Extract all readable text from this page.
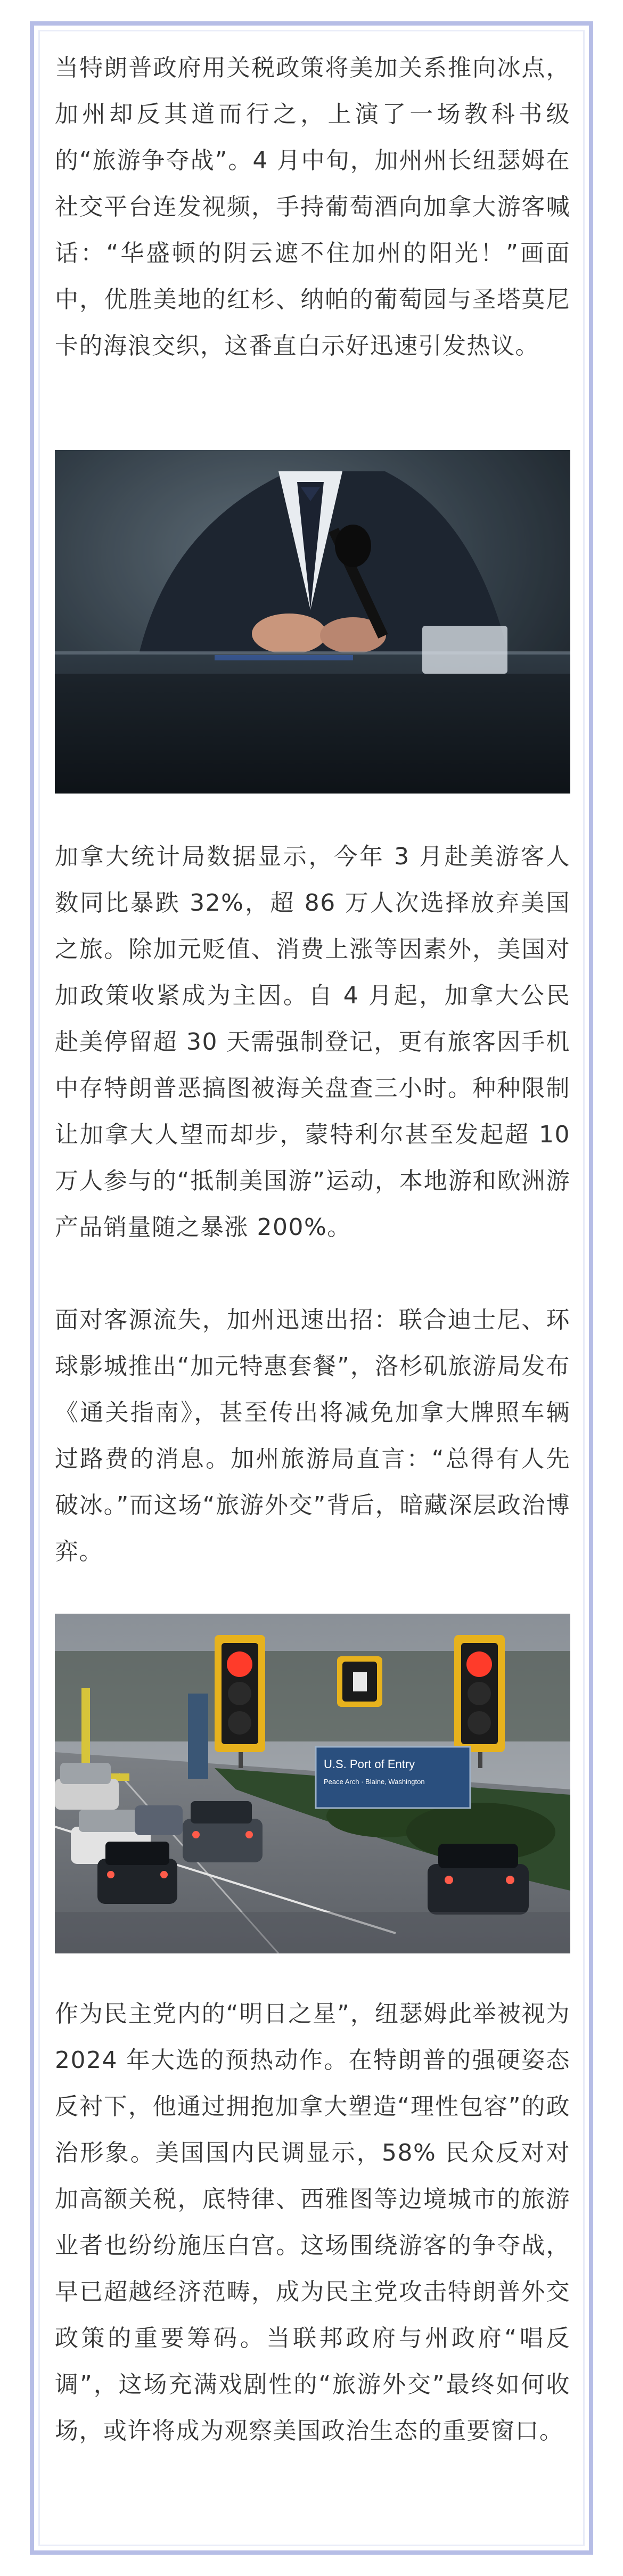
当特朗普政府用关税政策将美加关系推向冰点，加州却反其道而行之，上演了一场教科书级的“旅游争夺战”。4 月中旬，加州州长纽瑟姆在社交平台连发视频，手持葡萄酒向加拿大游客喊话：“华盛顿的阴云遮不住加州的阳光！”画面中，优胜美地的红杉、纳帕的葡萄园与圣塔莫尼卡的海浪交织，这番直白示好迅速引发热议。

加拿大统计局数据显示，今年 3 月赴美游客人数同比暴跌 32%，超 86 万人次选择放弃美国之旅。除加元贬值、消费上涨等因素外，美国对加政策收紧成为主因。自 4 月起，加拿大公民赴美停留超 30 天需强制登记，更有旅客因手机中存特朗普恶搞图被海关盘查三小时。种种限制让加拿大人望而却步，蒙特利尔甚至发起超 10 万人参与的“抵制美国游”运动，本地游和欧洲游产品销量随之暴涨 200%。

面对客源流失，加州迅速出招：联合迪士尼、环球影城推出“加元特惠套餐”，洛杉矶旅游局发布《通关指南》，甚至传出将减免加拿大牌照车辆过路费的消息。加州旅游局直言：“总得有人先破冰。”而这场“旅游外交”背后，暗藏深层政治博弈。

U.S. Port of Entry
Peace Arch · Blaine, Washington

作为民主党内的“明日之星”，纽瑟姆此举被视为 2024 年大选的预热动作。在特朗普的强硬姿态反衬下，他通过拥抱加拿大塑造“理性包容”的政治形象。美国国内民调显示，58% 民众反对对加高额关税，底特律、西雅图等边境城市的旅游业者也纷纷施压白宫。这场围绕游客的争夺战，早已超越经济范畴，成为民主党攻击特朗普外交政策的重要筹码。当联邦政府与州政府“唱反调”，这场充满戏剧性的“旅游外交”最终如何收场，或许将成为观察美国政治生态的重要窗口。
